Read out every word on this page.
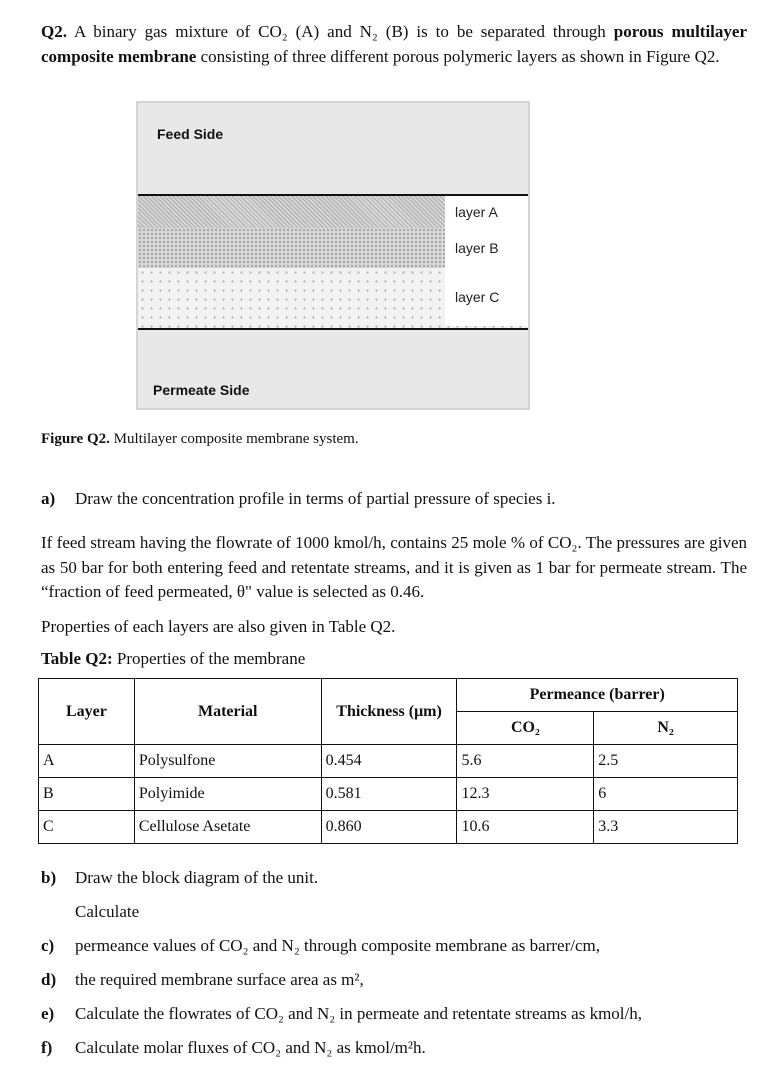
Q2. A binary gas mixture of CO₂ (A) and N₂ (B) is to be separated through porous multilayer composite membrane consisting of three different porous polymeric layers as shown in Figure Q2.
Feed Side
layer A
layer B
layer C
Permeate Side
Figure Q2. Multilayer composite membrane system.
a) Draw the concentration profile in terms of partial pressure of species i.
If feed stream having the flowrate of 1000 kmol/h, contains 25 mole % of CO₂. The pressures are given as 50 bar for both entering feed and retentate streams, and it is given as 1 bar for permeate stream. The “fraction of feed permeated, θ" value is selected as 0.46.
Properties of each layers are also given in Table Q2.
Table Q2: Properties of the membrane
Layer	Material	Thickness (μm)	Permeance (barrer)	
			CO₂	N₂
A	Polysulfone	0.454	5.6	2.5
B	Polyimide	0.581	12.3	6
C	Cellulose Asetate	0.860	10.6	3.3
b) Draw the block diagram of the unit.
Calculate
c) permeance values of CO₂ and N₂ through composite membrane as barrer/cm,
d) the required membrane surface area as m²,
e) Calculate the flowrates of CO₂ and N₂ in permeate and retentate streams as kmol/h,
f) Calculate molar fluxes of CO₂ and N₂ as kmol/m²h.
